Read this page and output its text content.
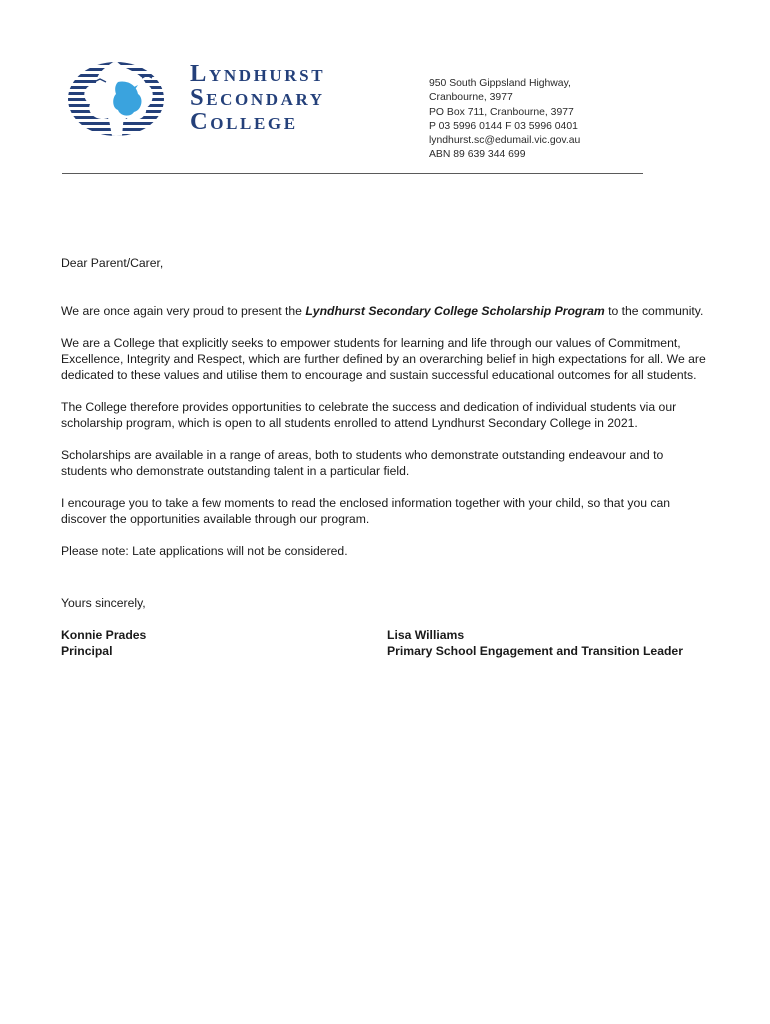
Lyndhurst
Secondary
College
950 South Gippsland Highway,
Cranbourne, 3977
PO Box 711, Cranbourne, 3977
P 03 5996 0144 F 03 5996 0401
lyndhurst.sc@edumail.vic.gov.au
ABN 89 639 344 699

Dear Parent/Carer,

We are once again very proud to present the Lyndhurst Secondary College Scholarship Program to the community.

We are a College that explicitly seeks to empower students for learning and life through our values of Commitment, Excellence, Integrity and Respect, which are further defined by an overarching belief in high expectations for all. We are dedicated to these values and utilise them to encourage and sustain successful educational outcomes for all students.

The College therefore provides opportunities to celebrate the success and dedication of individual students via our scholarship program, which is open to all students enrolled to attend Lyndhurst Secondary College in 2021.

Scholarships are available in a range of areas, both to students who demonstrate outstanding endeavour and to students who demonstrate outstanding talent in a particular field.

I encourage you to take a few moments to read the enclosed information together with your child, so that you can discover the opportunities available through our program.

Please note: Late applications will not be considered.

Yours sincerely,

Konnie Prades
Principal
Lisa Williams
Primary School Engagement and Transition Leader
